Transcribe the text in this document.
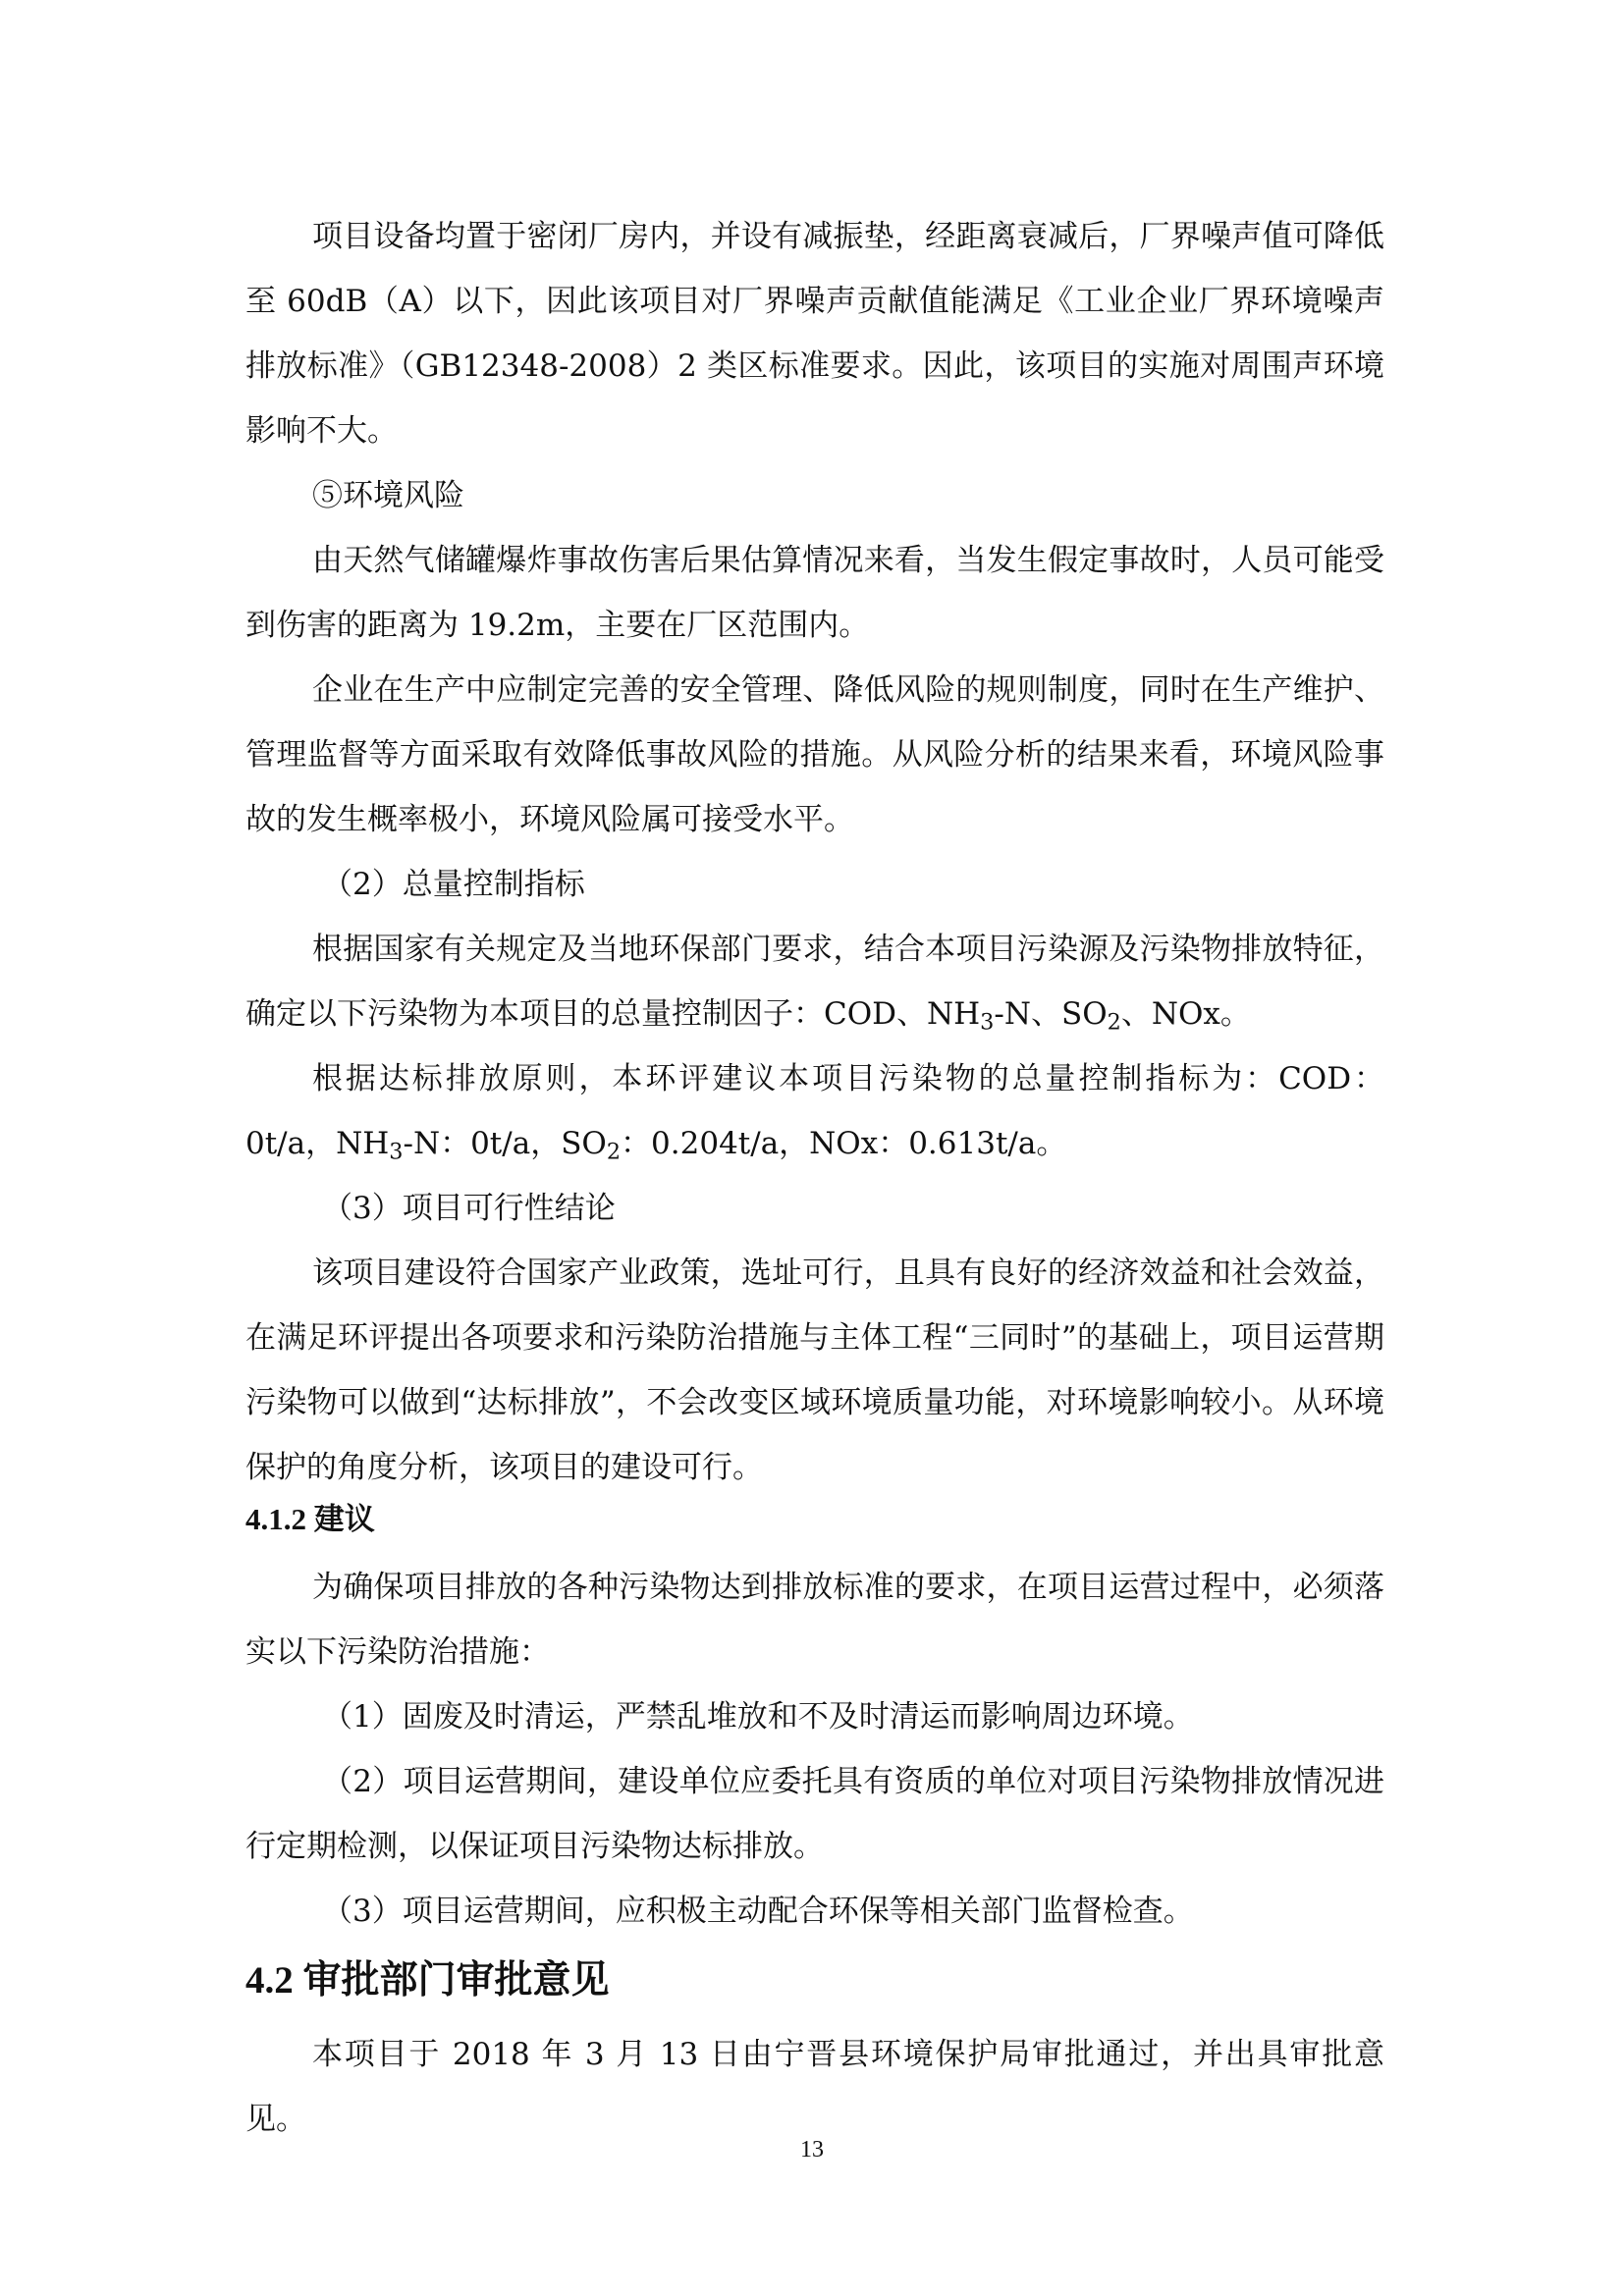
项目设备均置于密闭厂房内，并设有减振垫，经距离衰减后，厂界噪声值可降低至 60dB（A）以下，因此该项目对厂界噪声贡献值能满足《工业企业厂界环境噪声排放标准》（GB12348-2008）2 类区标准要求。因此，该项目的实施对周围声环境影响不大。

⑤环境风险

由天然气储罐爆炸事故伤害后果估算情况来看，当发生假定事故时，人员可能受到伤害的距离为 19.2m，主要在厂区范围内。

企业在生产中应制定完善的安全管理、降低风险的规则制度，同时在生产维护、管理监督等方面采取有效降低事故风险的措施。从风险分析的结果来看，环境风险事故的发生概率极小，环境风险属可接受水平。

（2）总量控制指标

根据国家有关规定及当地环保部门要求，结合本项目污染源及污染物排放特征，确定以下污染物为本项目的总量控制因子：COD、NH3-N、SO2、NOx。

根据达标排放原则，本环评建议本项目污染物的总量控制指标为：COD：0t/a，NH3-N：0t/a，SO2：0.204t/a，NOx：0.613t/a。

（3）项目可行性结论

该项目建设符合国家产业政策，选址可行，且具有良好的经济效益和社会效益，在满足环评提出各项要求和污染防治措施与主体工程“三同时”的基础上，项目运营期污染物可以做到“达标排放”，不会改变区域环境质量功能，对环境影响较小。从环境保护的角度分析，该项目的建设可行。

4.1.2 建议

为确保项目排放的各种污染物达到排放标准的要求，在项目运营过程中，必须落实以下污染防治措施：

（1）固废及时清运，严禁乱堆放和不及时清运而影响周边环境。

（2）项目运营期间，建设单位应委托具有资质的单位对项目污染物排放情况进行定期检测，以保证项目污染物达标排放。

（3）项目运营期间，应积极主动配合环保等相关部门监督检查。

4.2 审批部门审批意见

本项目于 2018 年 3 月 13 日由宁晋县环境保护局审批通过，并出具审批意见。

13
